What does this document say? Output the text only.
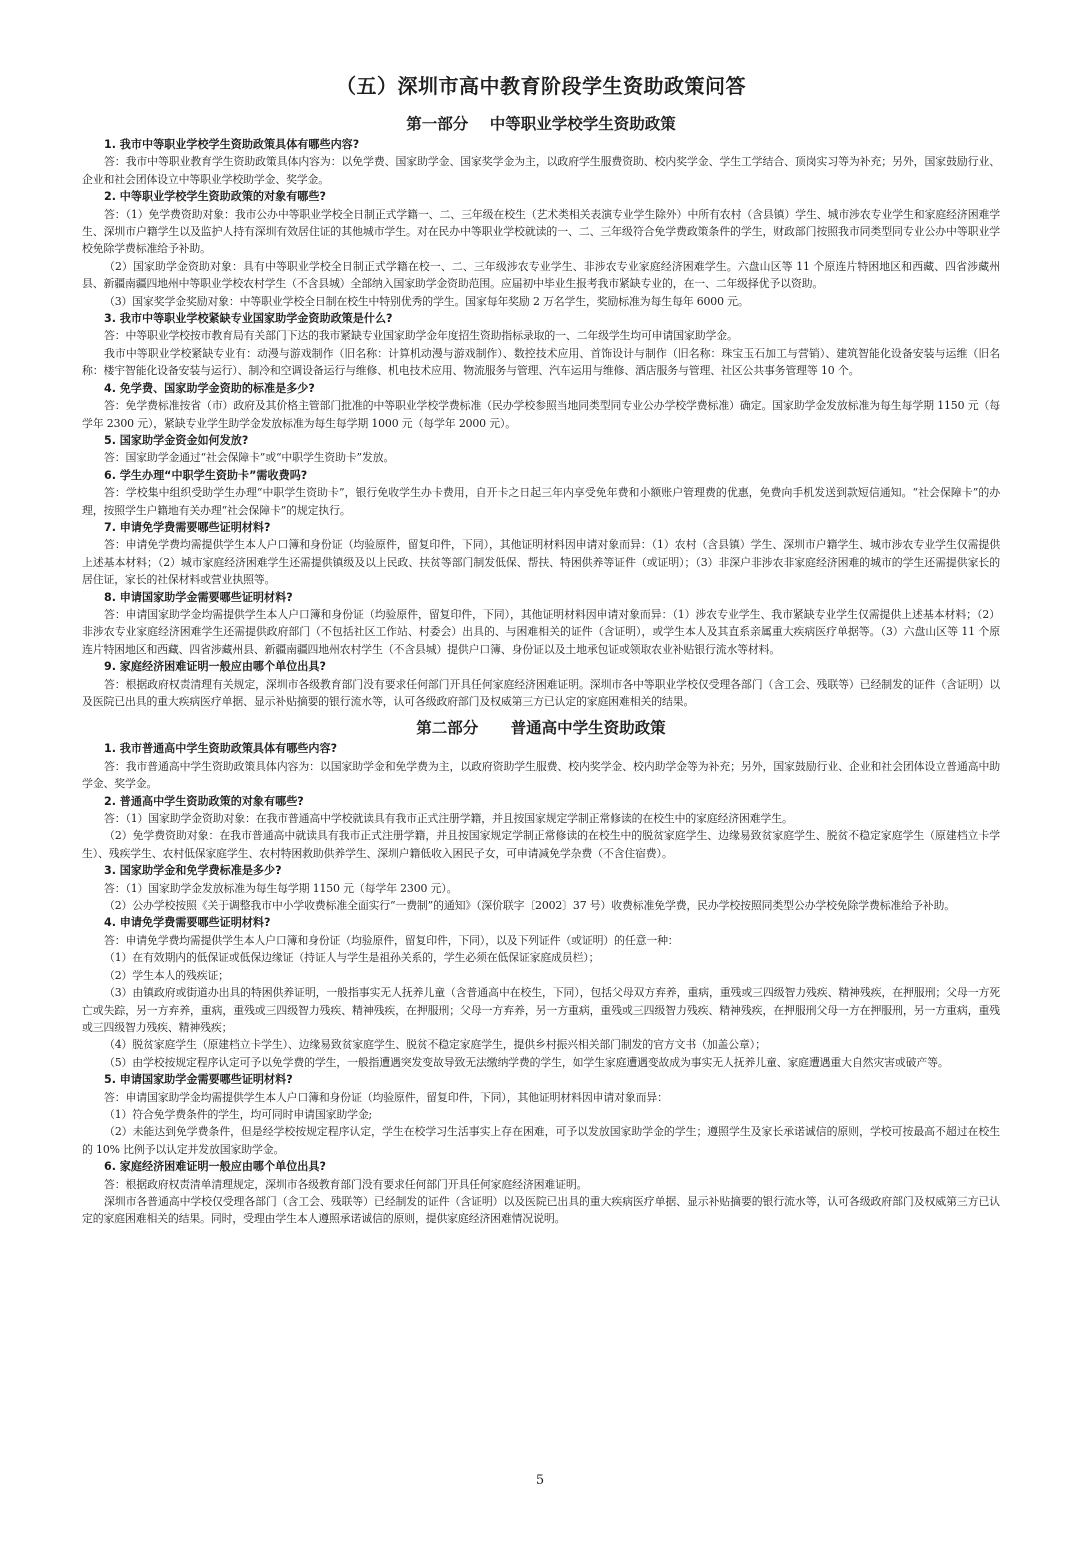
（五）深圳市高中教育阶段学生资助政策问答
第一部分    中等职业学校学生资助政策

1. 我市中等职业学校学生资助政策具体有哪些内容?

答：我市中等职业教育学生资助政策具体内容为：以免学费、国家助学金、国家奖学金为主，以政府学生服费资助、校内奖学金、学生工学结合、顶岗实习等为补充；另外，国家鼓励行业、企业和社会团体设立中等职业学校助学金、奖学金。

2. 中等职业学校学生资助政策的对象有哪些?

答：（1）免学费资助对象：我市公办中等职业学校全日制正式学籍一、二、三年级在校生（艺术类相关表演专业学生除外）中所有农村（含县镇）学生、城市涉农专业学生和家庭经济困难学生、深圳市户籍学生以及监护人持有深圳有效居住证的其他城市学生。对在民办中等职业学校就读的一、二、三年级符合免学费政策条件的学生，财政部门按照我市同类型同专业公办中等职业学校免除学费标准给予补助。

（2）国家助学金资助对象：具有中等职业学校全日制正式学籍在校一、二、三年级涉农专业学生、非涉农专业家庭经济困难学生。六盘山区等 11 个原连片特困地区和西藏、四省涉藏州县、新疆南疆四地州中等职业学校农村学生（不含县城）全部纳入国家助学金资助范围。应届初中毕业生报考我市紧缺专业的，在一、二年级择优予以资助。

（3）国家奖学金奖励对象：中等职业学校全日制在校生中特别优秀的学生。国家每年奖励 2 万名学生，奖励标准为每生每年 6000 元。

3. 我市中等职业学校紧缺专业国家助学金资助政策是什么?

答：中等职业学校按市教育局有关部门下达的我市紧缺专业国家助学金年度招生资助指标录取的一、二年级学生均可申请国家助学金。

我市中等职业学校紧缺专业有：动漫与游戏制作（旧名称：计算机动漫与游戏制作）、数控技术应用、首饰设计与制作（旧名称：珠宝玉石加工与营销）、建筑智能化设备安装与运维（旧名称：楼宇智能化设备安装与运行）、制冷和空调设备运行与维修、机电技术应用、物流服务与管理、汽车运用与维修、酒店服务与管理、社区公共事务管理等 10 个。

4. 免学费、国家助学金资助的标准是多少?

答：免学费标准按省（市）政府及其价格主管部门批准的中等职业学校学费标准（民办学校参照当地同类型同专业公办学校学费标准）确定。国家助学金发放标准为每生每学期 1150 元（每学年 2300 元），紧缺专业学生助学金发放标准为每生每学期 1000 元（每学年 2000 元）。

5. 国家助学金资金如何发放?

答：国家助学金通过“社会保障卡”或“中职学生资助卡”发放。

6. 学生办理“中职学生资助卡”需收费吗?

答：学校集中组织受助学生办理“中职学生资助卡”，银行免收学生办卡费用，自开卡之日起三年内享受免年费和小额账户管理费的优惠，免费向手机发送到款短信通知。“社会保障卡”的办理，按照学生户籍地有关办理“社会保障卡”的规定执行。

7. 申请免学费需要哪些证明材料?

答：申请免学费均需提供学生本人户口簿和身份证（均验原件，留复印件，下同），其他证明材料因申请对象而异：（1）农村（含县镇）学生、深圳市户籍学生、城市涉农专业学生仅需提供上述基本材料；（2）城市家庭经济困难学生还需提供镇级及以上民政、扶贫等部门制发低保、帮扶、特困供养等证件（或证明）；（3）非深户非涉农非家庭经济困难的城市的学生还需提供家长的居住证，家长的社保材料或营业执照等。

8. 申请国家助学金需要哪些证明材料?

答：申请国家助学金均需提供学生本人户口簿和身份证（均验原件，留复印件，下同），其他证明材料因申请对象而异：（1）涉农专业学生、我市紧缺专业学生仅需提供上述基本材料；（2）非涉农专业家庭经济困难学生还需提供政府部门（不包括社区工作站、村委会）出具的、与困难相关的证件（含证明），或学生本人及其直系亲属重大疾病医疗单据等。（3）六盘山区等 11 个原连片特困地区和西藏、四省涉藏州县、新疆南疆四地州农村学生（不含县城）提供户口簿、身份证以及土地承包证或领取农业补贴银行流水等材料。

9. 家庭经济困难证明一般应由哪个单位出具?

答：根据政府权责清理有关规定，深圳市各级教育部门没有要求任何部门开具任何家庭经济困难证明。深圳市各中等职业学校仅受理各部门（含工会、残联等）已经制发的证件（含证明）以及医院已出具的重大疾病医疗单据、显示补贴摘要的银行流水等，认可各级政府部门及权威第三方已认定的家庭困难相关的结果。

第二部分      普通高中学生资助政策

1. 我市普通高中学生资助政策具体有哪些内容?

答：我市普通高中学生资助政策具体内容为：以国家助学金和免学费为主，以政府资助学生服费、校内奖学金、校内助学金等为补充；另外，国家鼓励行业、企业和社会团体设立普通高中助学金、奖学金。

2. 普通高中学生资助政策的对象有哪些?

答：（1）国家助学金资助对象：在我市普通高中学校就读具有我市正式注册学籍，并且按国家规定学制正常修读的在校生中的家庭经济困难学生。

（2）免学费资助对象：在我市普通高中就读具有我市正式注册学籍，并且按国家规定学制正常修读的在校生中的脱贫家庭学生、边缘易致贫家庭学生、脱贫不稳定家庭学生（原建档立卡学生）、残疾学生、农村低保家庭学生、农村特困救助供养学生、深圳户籍低收入困民子女，可申请减免学杂费（不含住宿费）。

3. 国家助学金和免学费标准是多少?

答：（1）国家助学金发放标准为每生每学期 1150 元（每学年 2300 元）。

（2）公办学校按照《关于调整我市中小学收费标准全面实行“一费制”的通知》（深价联字〔2002〕37 号）收费标准免学费，民办学校按照同类型公办学校免除学费标准给予补助。

4. 申请免学费需要哪些证明材料?

答：申请免学费均需提供学生本人户口簿和身份证（均验原件，留复印件，下同），以及下列证件（或证明）的任意一种：

（1）在有效期内的低保证或低保边缘证（持证人与学生是祖孙关系的，学生必须在低保证家庭成员栏）；

（2）学生本人的残疾证；

（3）由镇政府或街道办出具的特困供养证明，一般指事实无人抚养儿童（含普通高中在校生，下同），包括父母双方弃养，重病，重残或三四级智力残疾、精神残疾，在押服刑；父母一方死亡或失踪，另一方弃养，重病，重残或三四级智力残疾、精神残疾，在押服刑；父母一方弃养，另一方重病，重残或三四级智力残疾、精神残疾，在押服刑父母一方在押服刑，另一方重病，重残或三四级智力残疾、精神残疾；

（4）脱贫家庭学生（原建档立卡学生）、边缘易致贫家庭学生、脱贫不稳定家庭学生，提供乡村振兴相关部门制发的官方文书（加盖公章）；

（5）由学校按规定程序认定可予以免学费的学生，一般指遭遇突发变故导致无法缴纳学费的学生，如学生家庭遭遇变故成为事实无人抚养儿童、家庭遭遇重大自然灾害或破产等。

5. 申请国家助学金需要哪些证明材料?

答：申请国家助学金均需提供学生本人户口簿和身份证（均验原件，留复印件，下同），其他证明材料因申请对象而异：

（1）符合免学费条件的学生，均可同时申请国家助学金;

（2）未能达到免学费条件，但是经学校按规定程序认定，学生在校学习生活事实上存在困难，可予以发放国家助学金的学生；遵照学生及家长承诺诚信的原则，学校可按最高不超过在校生的 10% 比例予以认定并发放国家助学金。

6. 家庭经济困难证明一般应由哪个单位出具?

答：根据政府权责清单清理规定，深圳市各级教育部门没有要求任何部门开具任何家庭经济困难证明。

深圳市各普通高中学校仅受理各部门（含工会、残联等）已经制发的证件（含证明）以及医院已出具的重大疾病医疗单据、显示补贴摘要的银行流水等，认可各级政府部门及权威第三方已认定的家庭困难相关的结果。同时，受理由学生本人遵照承诺诚信的原则，提供家庭经济困难情况说明。

5
